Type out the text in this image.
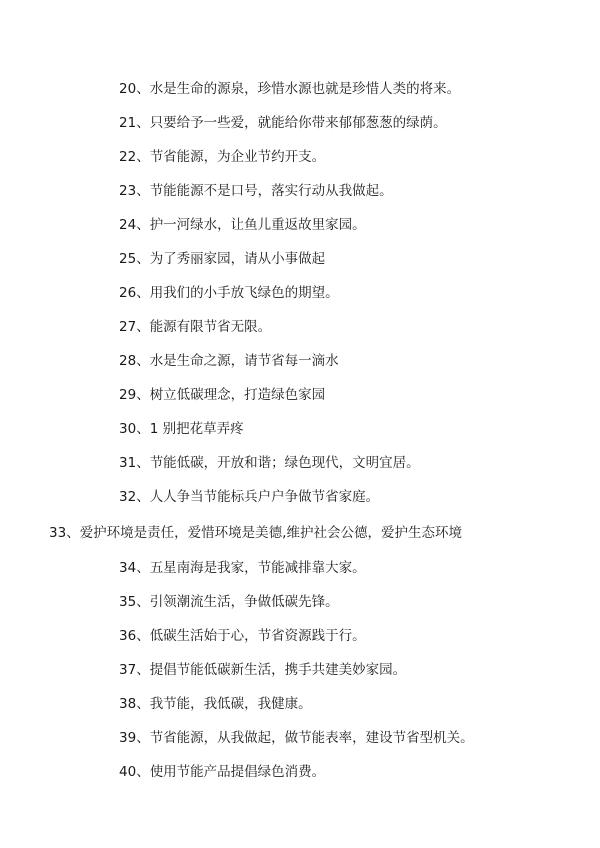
20、水是生命的源泉，珍惜水源也就是珍惜人类的将来。
21、只要给予一些爱，就能给你带来郁郁葱葱的绿荫。
22、节省能源，为企业节约开支。
23、节能能源不是口号，落实行动从我做起。
24、护一河绿水，让鱼儿重返故里家园。
25、为了秀丽家园，请从小事做起
26、用我们的小手放飞绿色的期望。
27、能源有限节省无限。
28、水是生命之源，请节省每一滴水
29、树立低碳理念，打造绿色家园
30、1 别把花草弄疼
31、节能低碳，开放和谐；绿色现代，文明宜居。
32、人人争当节能标兵户户争做节省家庭。
33、爱护环境是责任，爱惜环境是美德,维护社会公德，爱护生态环境
34、五星南海是我家，节能减排靠大家。
35、引领潮流生活，争做低碳先锋。
36、低碳生活始于心，节省资源践于行。
37、提倡节能低碳新生活，携手共建美妙家园。
38、我节能，我低碳，我健康。
39、节省能源，从我做起，做节能表率，建设节省型机关。
40、使用节能产品提倡绿色消费。
